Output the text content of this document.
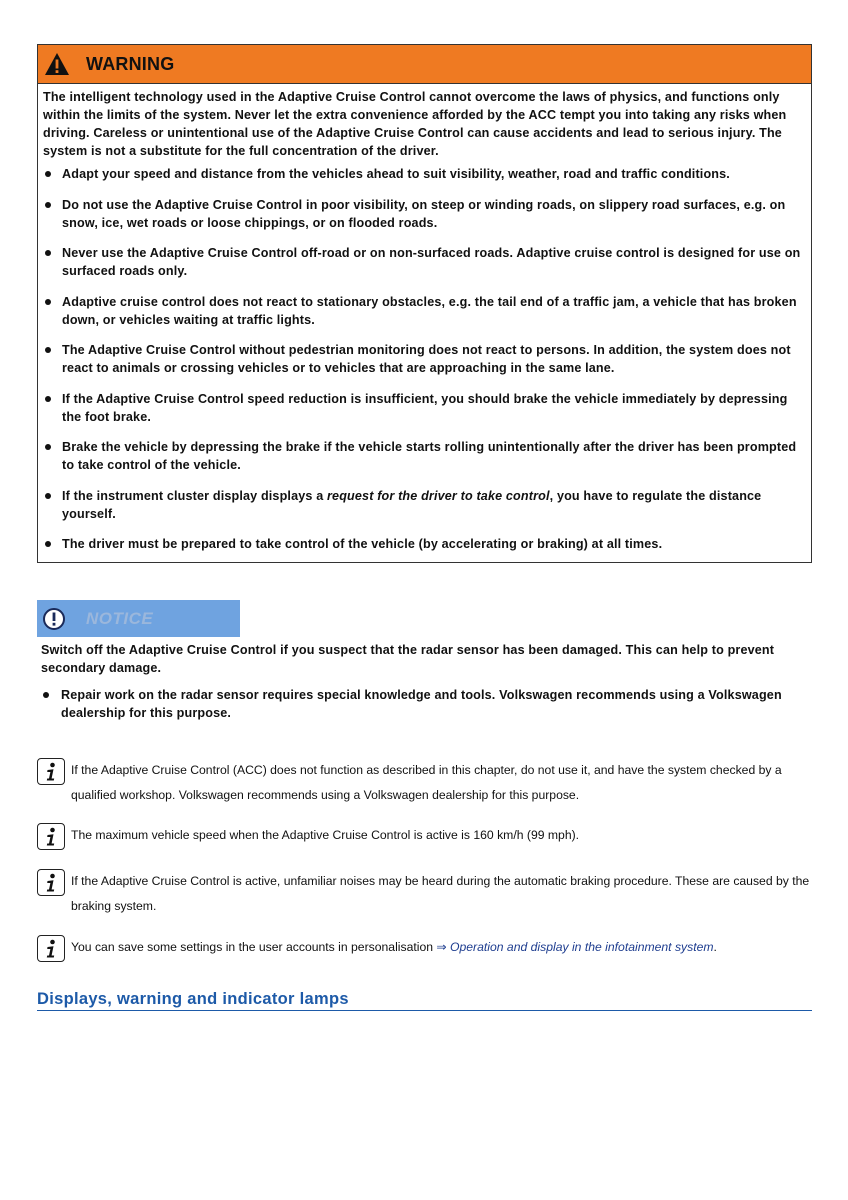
WARNING

The intelligent technology used in the Adaptive Cruise Control cannot overcome the laws of physics, and functions only within the limits of the system. Never let the extra convenience afforded by the ACC tempt you into taking any risks when driving. Careless or unintentional use of the Adaptive Cruise Control can cause accidents and lead to serious injury. The system is not a substitute for the full concentration of the driver.

Adapt your speed and distance from the vehicles ahead to suit visibility, weather, road and traffic conditions.
Do not use the Adaptive Cruise Control in poor visibility, on steep or winding roads, on slippery road surfaces, e.g. on snow, ice, wet roads or loose chippings, or on flooded roads.
Never use the Adaptive Cruise Control off-road or on non-surfaced roads. Adaptive cruise control is designed for use on surfaced roads only.
Adaptive cruise control does not react to stationary obstacles, e.g. the tail end of a traffic jam, a vehicle that has broken down, or vehicles waiting at traffic lights.
The Adaptive Cruise Control without pedestrian monitoring does not react to persons. In addition, the system does not react to animals or crossing vehicles or to vehicles that are approaching in the same lane.
If the Adaptive Cruise Control speed reduction is insufficient, you should brake the vehicle immediately by depressing the foot brake.
Brake the vehicle by depressing the brake if the vehicle starts rolling unintentionally after the driver has been prompted to take control of the vehicle.
If the instrument cluster display displays a request for the driver to take control, you have to regulate the distance yourself.
The driver must be prepared to take control of the vehicle (by accelerating or braking) at all times.
NOTICE

Switch off the Adaptive Cruise Control if you suspect that the radar sensor has been damaged. This can help to prevent secondary damage.

Repair work on the radar sensor requires special knowledge and tools. Volkswagen recommends using a Volkswagen dealership for this purpose.
If the Adaptive Cruise Control (ACC) does not function as described in this chapter, do not use it, and have the system checked by a qualified workshop. Volkswagen recommends using a Volkswagen dealership for this purpose.
The maximum vehicle speed when the Adaptive Cruise Control is active is 160 km/h (99 mph).
If the Adaptive Cruise Control is active, unfamiliar noises may be heard during the automatic braking procedure. These are caused by the braking system.
You can save some settings in the user accounts in personalisation ⇒ Operation and display in the infotainment system.
Displays, warning and indicator lamps
